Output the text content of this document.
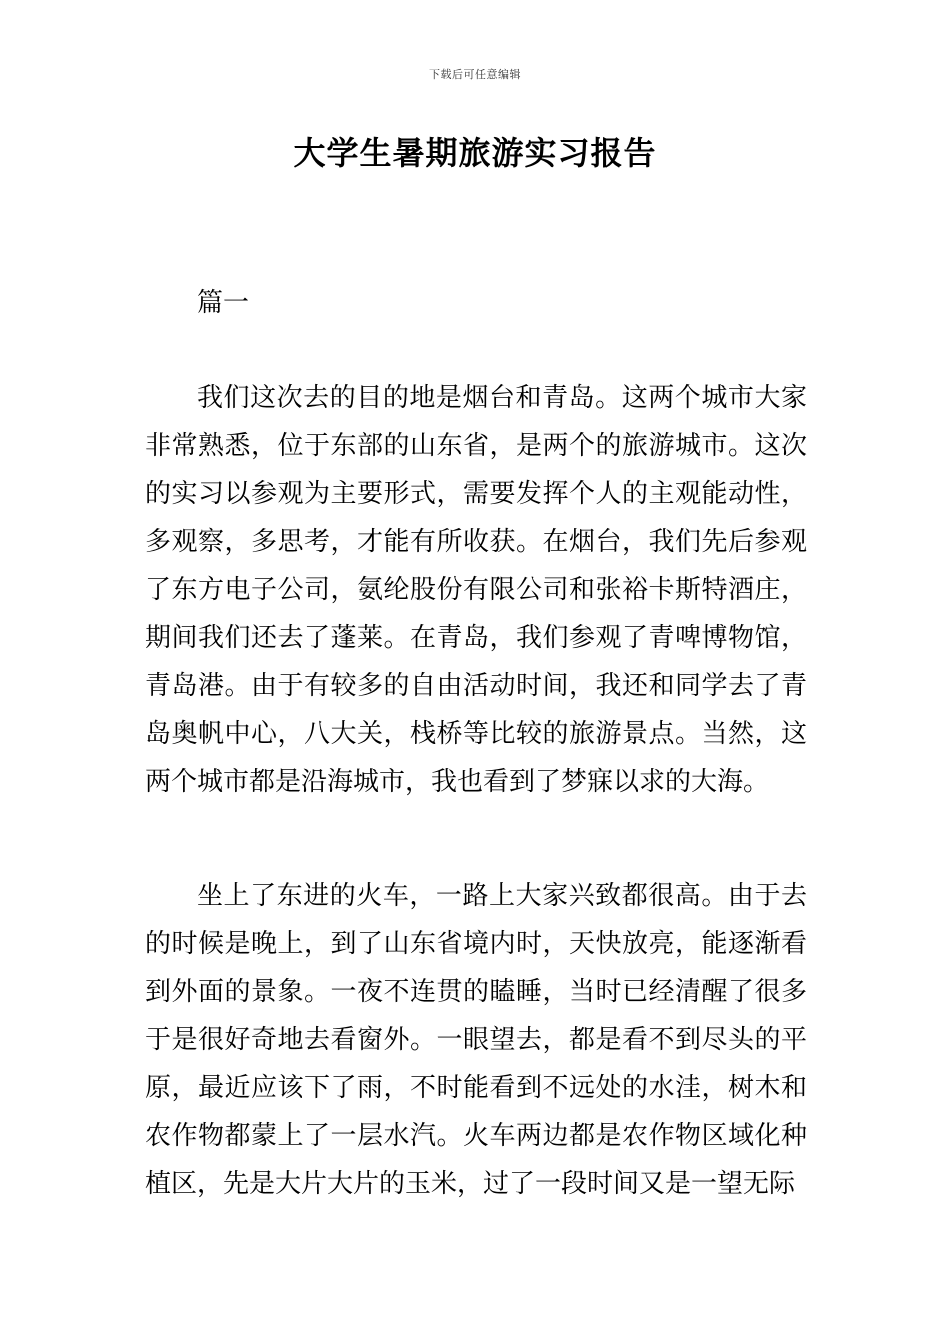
下载后可任意编辑
大学生暑期旅游实习报告
篇一

我们这次去的目的地是烟台和青岛。这两个城市大家非常熟悉，位于东部的山东省，是两个的旅游城市。这次的实习以参观为主要形式，需要发挥个人的主观能动性，多观察，多思考，才能有所收获。在烟台，我们先后参观了东方电子公司，氨纶股份有限公司和张裕卡斯特酒庄，期间我们还去了蓬莱。在青岛，我们参观了青啤博物馆，青岛港。由于有较多的自由活动时间，我还和同学去了青岛奥帆中心，八大关，栈桥等比较的旅游景点。当然，这两个城市都是沿海城市，我也看到了梦寐以求的大海。

坐上了东进的火车，一路上大家兴致都很高。由于去的时候是晚上，到了山东省境内时，天快放亮，能逐渐看到外面的景象。一夜不连贯的瞌睡，当时已经清醒了很多于是很好奇地去看窗外。一眼望去，都是看不到尽头的平原，最近应该下了雨，不时能看到不远处的水洼，树木和农作物都蒙上了一层水汽。火车两边都是农作物区域化种植区，先是大片大片的玉米，过了一段时间又是一望无际
